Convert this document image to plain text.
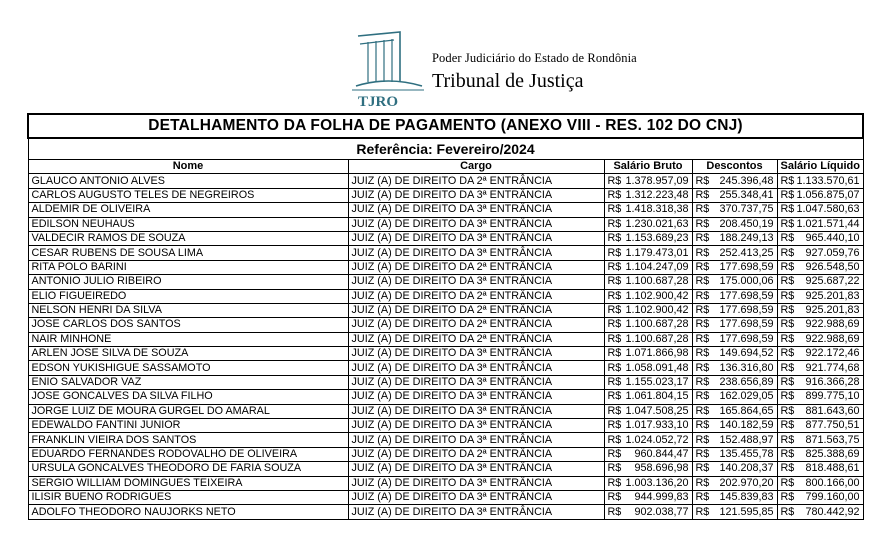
TJRO
Poder Judiciário do Estado de Rondônia
Tribunal de Justiça
DETALHAMENTO DA FOLHA DE PAGAMENTO (ANEXO VIII - RES. 102 DO CNJ)				
Referência: Fevereiro/2024				
Nome	Cargo	Salário Bruto	Descontos	Salário Líquido
GLAUCO ANTONIO ALVES	JUIZ (A) DE DIREITO DA 2ª ENTRÂNCIA	R$ 1.378.957,09	R$ 245.396,48	R$ 1.133.570,61

CARLOS AUGUSTO TELES DE NEGREIROS	JUIZ (A) DE DIREITO DA 3ª ENTRÂNCIA	R$ 1.312.223,48	R$ 255.348,41	R$ 1.056.875,07

ALDEMIR DE OLIVEIRA	JUIZ (A) DE DIREITO DA 3ª ENTRÂNCIA	R$ 1.418.318,38	R$ 370.737,75	R$ 1.047.580,63

EDILSON NEUHAUS	JUIZ (A) DE DIREITO DA 3ª ENTRÂNCIA	R$ 1.230.021,63	R$ 208.450,19	R$ 1.021.571,44

VALDECIR RAMOS DE SOUZA	JUIZ (A) DE DIREITO DA 3ª ENTRÂNCIA	R$ 1.153.689,23	R$ 188.249,13	R$ 965.440,10

CESAR RUBENS DE SOUSA LIMA	JUIZ (A) DE DIREITO DA 3ª ENTRÂNCIA	R$ 1.179.473,01	R$ 252.413,25	R$ 927.059,76

RITA POLO BARINI	JUIZ (A) DE DIREITO DA 2ª ENTRÂNCIA	R$ 1.104.247,09	R$ 177.698,59	R$ 926.548,50

ANTONIO JULIO RIBEIRO	JUIZ (A) DE DIREITO DA 3ª ENTRÂNCIA	R$ 1.100.687,28	R$ 175.000,06	R$ 925.687,22

ELIO FIGUEIREDO	JUIZ (A) DE DIREITO DA 2ª ENTRÂNCIA	R$ 1.102.900,42	R$ 177.698,59	R$ 925.201,83

NELSON HENRI DA SILVA	JUIZ (A) DE DIREITO DA 2ª ENTRÂNCIA	R$ 1.102.900,42	R$ 177.698,59	R$ 925.201,83

JOSE CARLOS DOS SANTOS	JUIZ (A) DE DIREITO DA 2ª ENTRÂNCIA	R$ 1.100.687,28	R$ 177.698,59	R$ 922.988,69

NAIR MINHONE	JUIZ (A) DE DIREITO DA 2ª ENTRÂNCIA	R$ 1.100.687,28	R$ 177.698,59	R$ 922.988,69

ARLEN JOSE SILVA DE SOUZA	JUIZ (A) DE DIREITO DA 3ª ENTRÂNCIA	R$ 1.071.866,98	R$ 149.694,52	R$ 922.172,46

EDSON YUKISHIGUE SASSAMOTO	JUIZ (A) DE DIREITO DA 3ª ENTRÂNCIA	R$ 1.058.091,48	R$ 136.316,80	R$ 921.774,68

ENIO SALVADOR VAZ	JUIZ (A) DE DIREITO DA 3ª ENTRÂNCIA	R$ 1.155.023,17	R$ 238.656,89	R$ 916.366,28

JOSE GONCALVES DA SILVA FILHO	JUIZ (A) DE DIREITO DA 3ª ENTRÂNCIA	R$ 1.061.804,15	R$ 162.029,05	R$ 899.775,10

JORGE LUIZ DE MOURA GURGEL DO AMARAL	JUIZ (A) DE DIREITO DA 3ª ENTRÂNCIA	R$ 1.047.508,25	R$ 165.864,65	R$ 881.643,60

EDEWALDO FANTINI JUNIOR	JUIZ (A) DE DIREITO DA 3ª ENTRÂNCIA	R$ 1.017.933,10	R$ 140.182,59	R$ 877.750,51

FRANKLIN VIEIRA DOS SANTOS	JUIZ (A) DE DIREITO DA 3ª ENTRÂNCIA	R$ 1.024.052,72	R$ 152.488,97	R$ 871.563,75

EDUARDO FERNANDES RODOVALHO DE OLIVEIRA	JUIZ (A) DE DIREITO DA 2ª ENTRÂNCIA	R$ 960.844,47	R$ 135.455,78	R$ 825.388,69

URSULA GONCALVES THEODORO DE FARIA SOUZA	JUIZ (A) DE DIREITO DA 3ª ENTRÂNCIA	R$ 958.696,98	R$ 140.208,37	R$ 818.488,61

SERGIO WILLIAM DOMINGUES TEIXEIRA	JUIZ (A) DE DIREITO DA 3ª ENTRÂNCIA	R$ 1.003.136,20	R$ 202.970,20	R$ 800.166,00

ILISIR BUENO RODRIGUES	JUIZ (A) DE DIREITO DA 3ª ENTRÂNCIA	R$ 944.999,83	R$ 145.839,83	R$ 799.160,00

ADOLFO THEODORO NAUJORKS NETO	JUIZ (A) DE DIREITO DA 3ª ENTRÂNCIA	R$ 902.038,77	R$ 121.595,85	R$ 780.442,92
